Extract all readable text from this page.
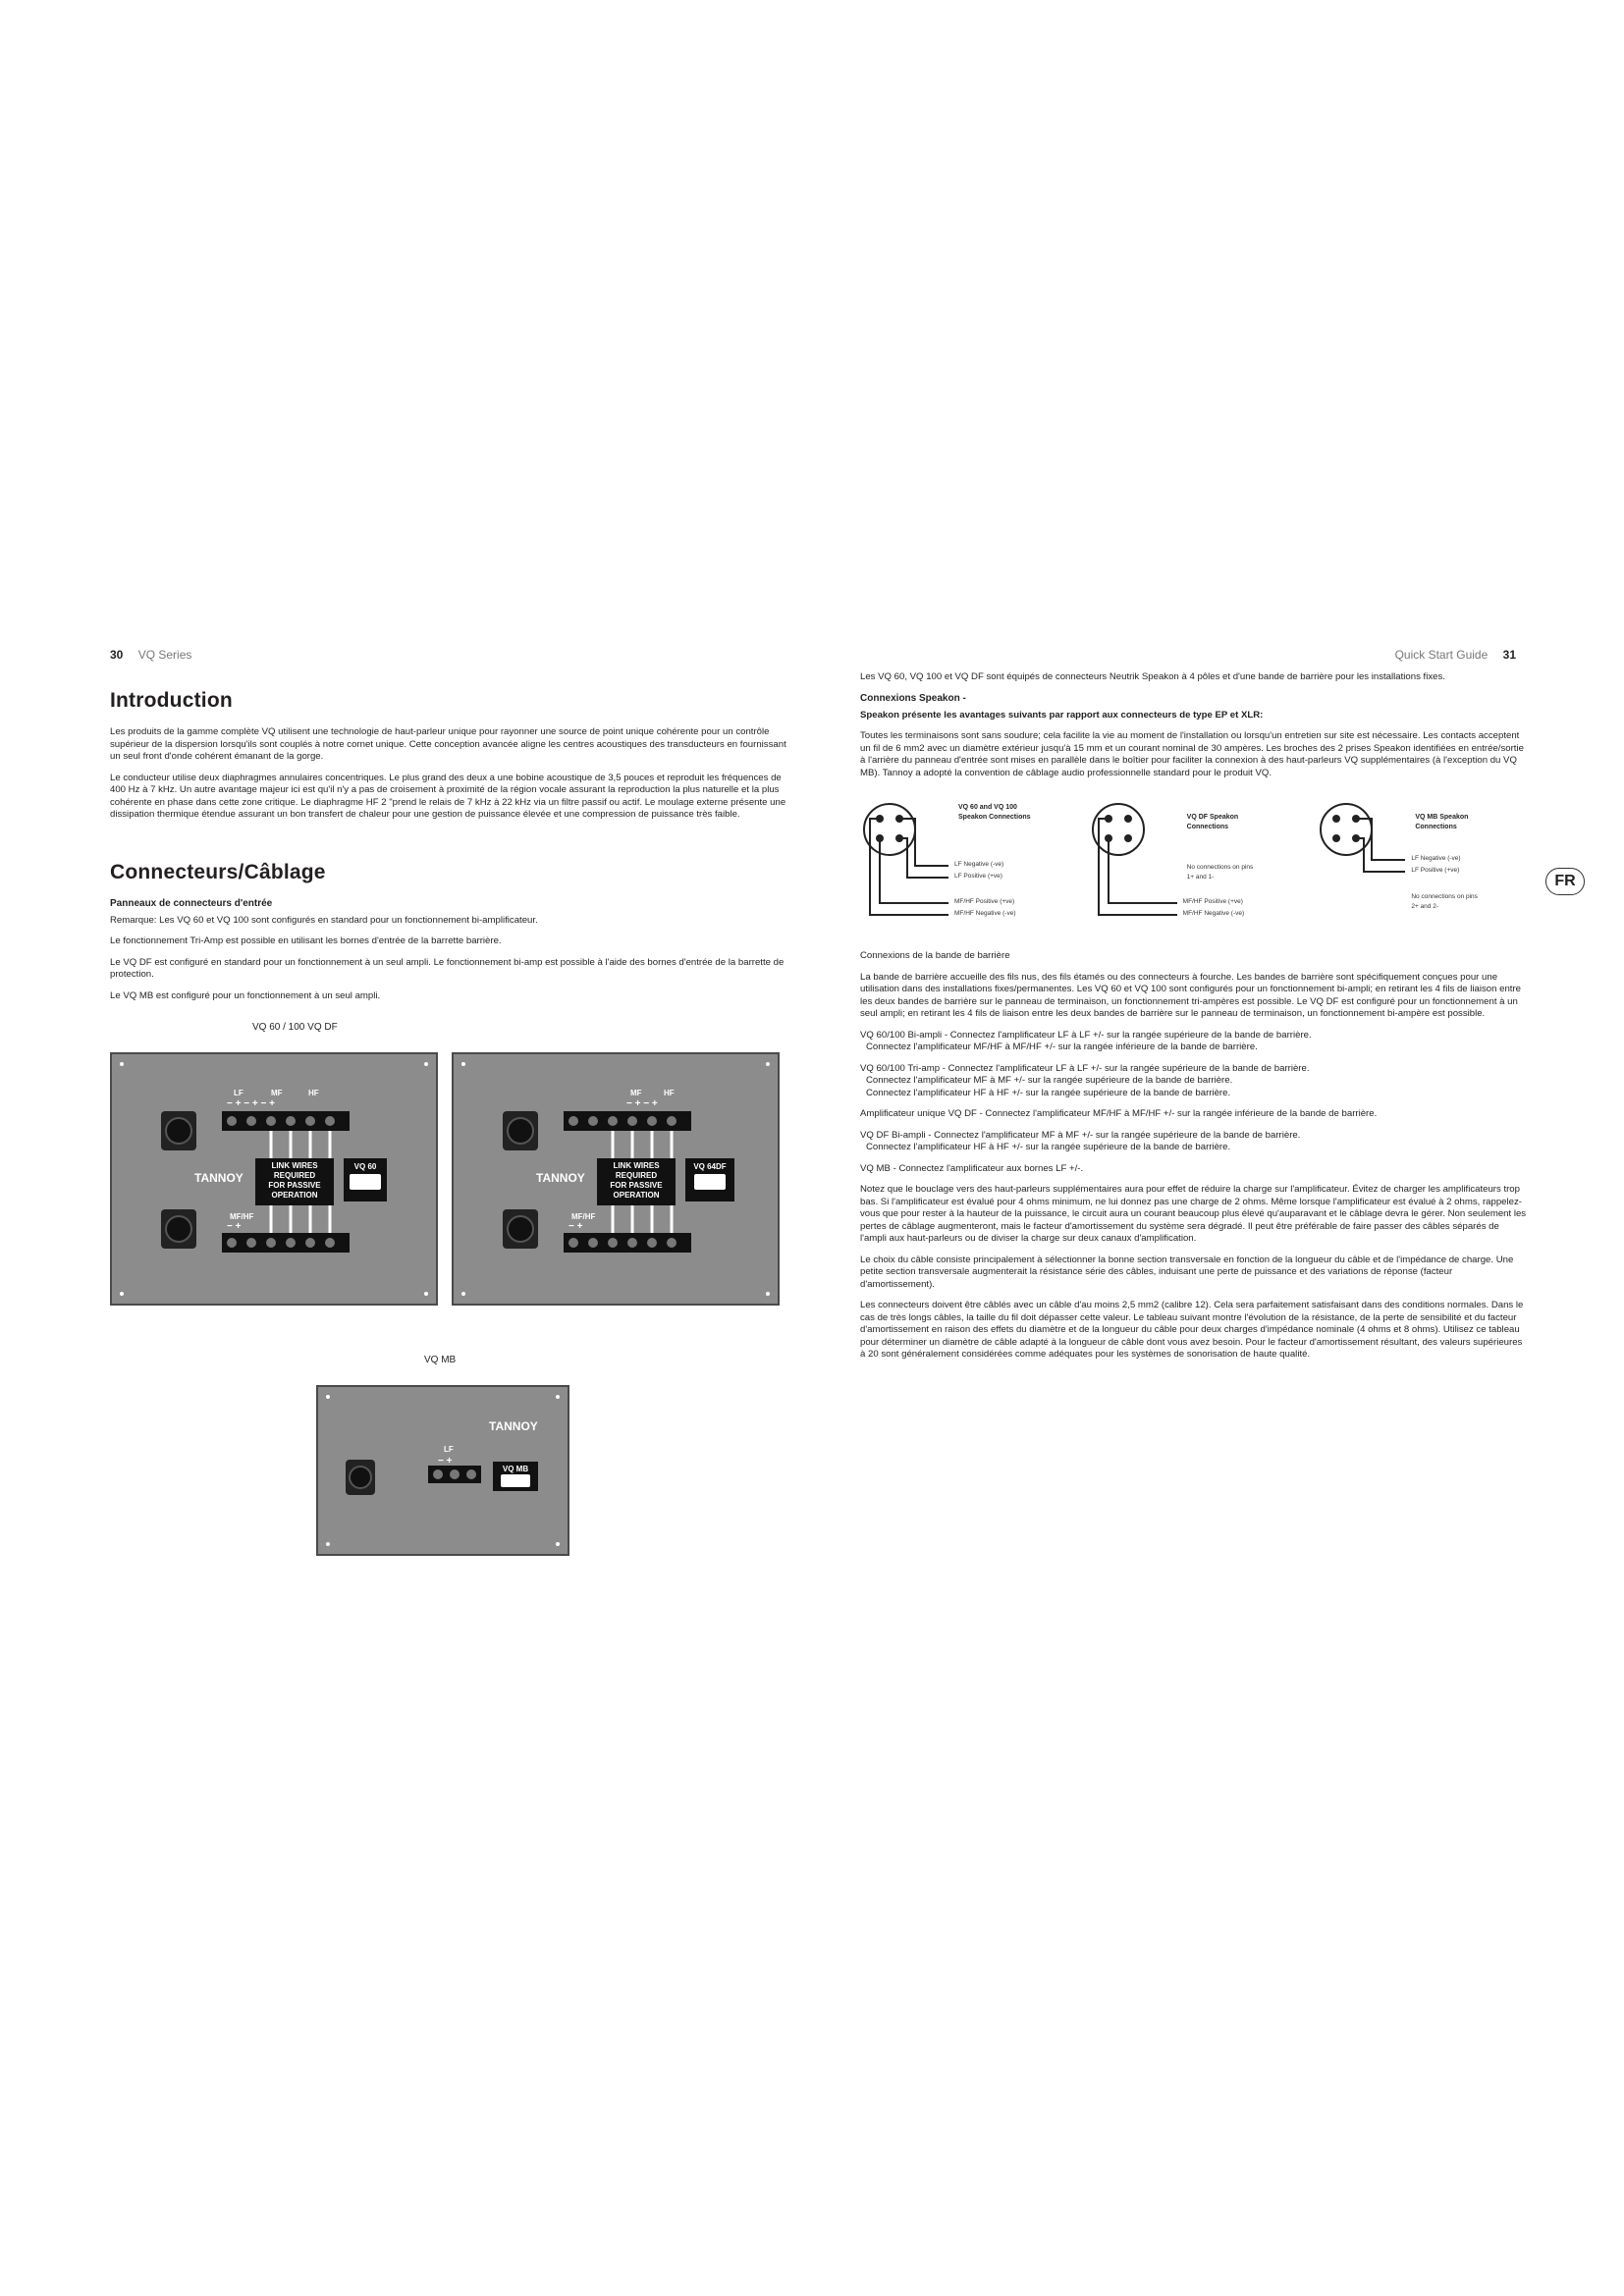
30 VQ Series
Introduction

Les produits de la gamme complète VQ utilisent une technologie de haut-parleur unique pour rayonner une source de point unique cohérente pour un contrôle supérieur de la dispersion lorsqu'ils sont couplés à notre cornet unique. Cette conception avancée aligne les centres acoustiques des transducteurs en fournissant un seul front d'onde cohérent émanant de la gorge.

Le conducteur utilise deux diaphragmes annulaires concentriques. Le plus grand des deux a une bobine acoustique de 3,5 pouces et reproduit les fréquences de 400 Hz à 7 kHz. Un autre avantage majeur ici est qu'il n'y a pas de croisement à proximité de la région vocale assurant la reproduction la plus naturelle et la plus cohérente en phase dans cette zone critique. Le diaphragme HF 2 "prend le relais de 7 kHz à 22 kHz via un filtre passif ou actif. Le moulage externe présente une dissipation thermique étendue assurant un bon transfert de chaleur pour une gestion de puissance élevée et une compression de puissance très faible.

Connecteurs/Câblage
Panneaux de connecteurs d'entrée

Remarque: Les VQ 60 et VQ 100 sont configurés en standard pour un fonctionnement bi-amplificateur.

Le fonctionnement Tri-Amp est possible en utilisant les bornes d'entrée de la barrette barrière.

Le VQ DF est configuré en standard pour un fonctionnement à un seul ampli. Le fonctionnement bi-amp est possible à l'aide des bornes d'entrée de la barrette de protection.

Le VQ MB est configuré pour un fonctionnement à un seul ampli.

VQ 60 / 100 VQ DF
LINK WIRES
REQUIRED
FOR PASSIVE
OPERATION
LF	MF	HF
− + − + − +
MF/HF
− +
TANNOY
VQ 60	LINK WIRES
REQUIRED
FOR PASSIVE
OPERATION
MF	HF
− + − +
MF/HF
− +
TANNOY
VQ 64DF
VQ MB
LF
− +
TANNOY
VQ MB
Quick Start Guide 31

Les VQ 60, VQ 100 et VQ DF sont équipés de connecteurs Neutrik Speakon à 4 pôles et d'une bande de barrière pour les installations fixes.

Connexions Speakon -

Speakon présente les avantages suivants par rapport aux connecteurs de type EP et XLR:

Toutes les terminaisons sont sans soudure; cela facilite la vie au moment de l'installation ou lorsqu'un entretien sur site est nécessaire. Les contacts acceptent un fil de 6 mm2 avec un diamètre extérieur jusqu'à 15 mm et un courant nominal de 30 ampères. Les broches des 2 prises Speakon identifiées en entrée/sortie à l'arrière du panneau d'entrée sont mises en parallèle dans le boîtier pour faciliter la connexion à des haut-parleurs VQ supplémentaires (à l'exception du VQ MB). Tannoy a adopté la convention de câblage audio professionnelle standard pour le produit VQ.

VQ 60 and VQ 100
Speakon Connections
LF Negative (-ve)
LF Positive (+ve)
MF/HF Positive (+ve)
MF/HF Negative (-ve)
VQ DF Speakon
Connections
No connections on pins
1+ and 1-
MF/HF Positive (+ve)
MF/HF Negative (-ve)
VQ MB Speakon
Connections
LF Negative (-ve)
LF Positive (+ve)
No connections on pins
2+ and 2-

Connexions de la bande de barrière

La bande de barrière accueille des fils nus, des fils étamés ou des connecteurs à fourche. Les bandes de barrière sont spécifiquement conçues pour une utilisation dans des installations fixes/permanentes. Les VQ 60 et VQ 100 sont configurés pour un fonctionnement bi-ampli; en retirant les 4 fils de liaison entre les deux bandes de barrière sur le panneau de terminaison, un fonctionnement tri-ampères est possible. Le VQ DF est configuré pour un fonctionnement à un seul ampli; en retirant les 4 fils de liaison entre les deux bandes de barrière sur le panneau de terminaison, un fonctionnement bi-ampère est possible.

VQ 60/100 Bi-ampli - Connectez l'amplificateur LF à LF +/- sur la rangée supérieure de la bande de barrière.

Connectez l'amplificateur MF/HF à MF/HF +/- sur la rangée inférieure de la bande de barrière.

VQ 60/100 Tri-amp - Connectez l'amplificateur LF à LF +/- sur la rangée supérieure de la bande de barrière.

Connectez l'amplificateur MF à MF +/- sur la rangée supérieure de la bande de barrière.

Connectez l'amplificateur HF à HF +/- sur la rangée supérieure de la bande de barrière.

Amplificateur unique VQ DF - Connectez l'amplificateur MF/HF à MF/HF +/- sur la rangée inférieure de la bande de barrière.

VQ DF Bi-ampli - Connectez l'amplificateur MF à MF +/- sur la rangée supérieure de la bande de barrière.

Connectez l'amplificateur HF à HF +/- sur la rangée supérieure de la bande de barrière.

VQ MB - Connectez l'amplificateur aux bornes LF +/-.

Notez que le bouclage vers des haut-parleurs supplémentaires aura pour effet de réduire la charge sur l'amplificateur. Évitez de charger les amplificateurs trop bas. Si l'amplificateur est évalué pour 4 ohms minimum, ne lui donnez pas une charge de 2 ohms. Même lorsque l'amplificateur est évalué à 2 ohms, rappelez-vous que pour rester à la hauteur de la puissance, le circuit aura un courant beaucoup plus élevé qu'auparavant et le câblage devra le gérer. Non seulement les pertes de câblage augmenteront, mais le facteur d'amortissement du système sera dégradé. Il peut être préférable de faire passer des câbles séparés de l'ampli aux haut-parleurs ou de diviser la charge sur deux canaux d'amplification.

Le choix du câble consiste principalement à sélectionner la bonne section transversale en fonction de la longueur du câble et de l'impédance de charge. Une petite section transversale augmenterait la résistance série des câbles, induisant une perte de puissance et des variations de réponse (facteur d'amortissement).

Les connecteurs doivent être câblés avec un câble d'au moins 2,5 mm2 (calibre 12). Cela sera parfaitement satisfaisant dans des conditions normales. Dans le cas de très longs câbles, la taille du fil doit dépasser cette valeur. Le tableau suivant montre l'évolution de la résistance, de la perte de sensibilité et du facteur d'amortissement en raison des effets du diamètre et de la longueur du câble pour deux charges d'impédance nominale (4 ohms et 8 ohms). Utilisez ce tableau pour déterminer un diamètre de câble adapté à la longueur de câble dont vous avez besoin. Pour le facteur d'amortissement résultant, des valeurs supérieures à 20 sont généralement considérées comme adéquates pour les systèmes de sonorisation de haute qualité.

FR
